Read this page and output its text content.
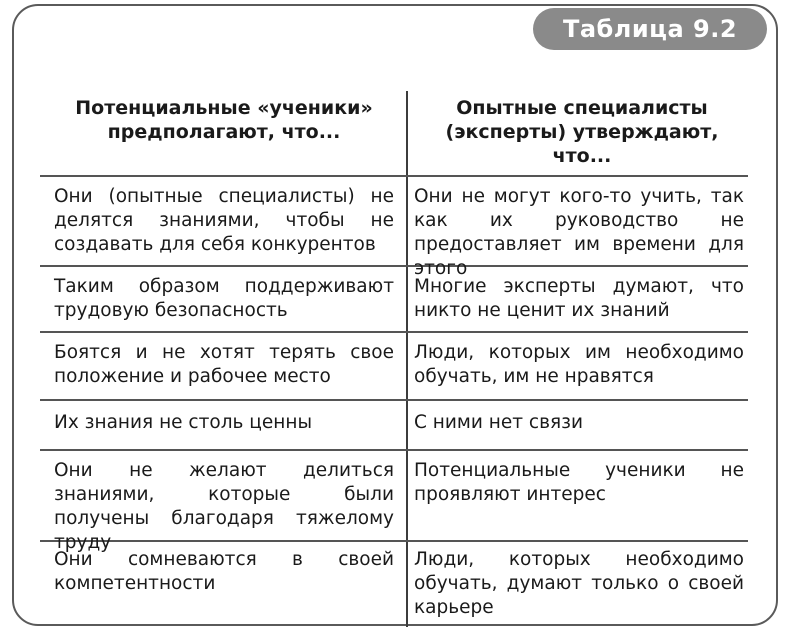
Таблица 9.2
Потенциальные «ученики»
предполагают, что...
Опытные специалисты
(эксперты) утверждают,
что...
Они (опытные специалисты) не делятся знаниями, чтобы не создавать для себя конкурентов
Они не могут кого-то учить, так как их руководство не предоставляет им времени для этого
Таким образом поддерживают трудовую безопасность
Многие эксперты думают, что никто не ценит их знаний
Боятся и не хотят терять свое положение и рабочее место
Люди, которых им необходимо обучать, им не нравятся
Их знания не столь ценны	С ними нет связи
Они не желают делиться знаниями, которые были получены благодаря тяжелому труду
Потенциальные ученики не проявляют интерес
Они сомневаются в своей компетентности
Люди, которых необходимо обучать, думают только о своей карьере
